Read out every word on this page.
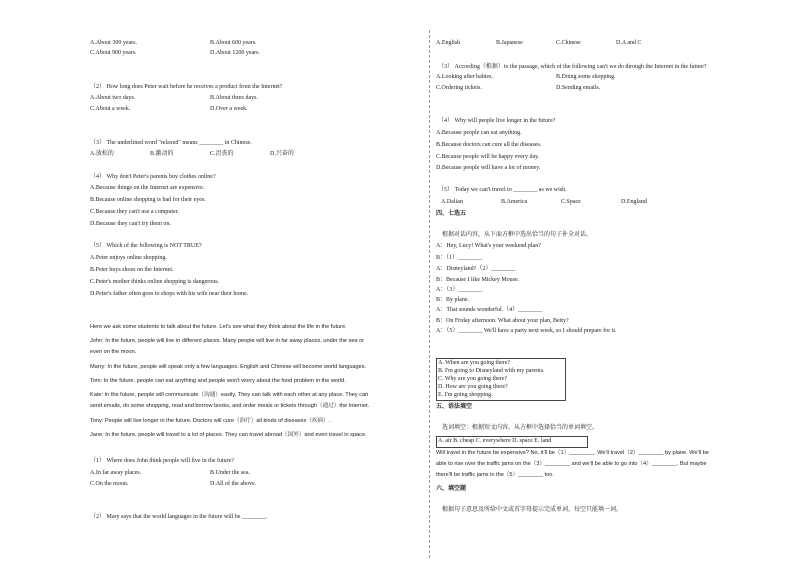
A.About 300 years.	B.About 600 years.
C.About 900 years.	D.About 1200 years.
（2） How long does Peter wait before he receives a product from the Internet?
A.About two days.	B.About three days.
C.About a week.	D.Over a week.
（3） The underlined word "relaxed" means ________ in Chinese.
A.放松的	B.激动的	C.沮丧的	D.兴奋的
（4） Why don't Peter's parents buy clothes online?
A.Because things on the Internet are expensive.
B.Because online shopping is bad for their eyes.
C.Because they can't use a computer.
D.Because they can't try them on.
（5） Which of the following is NOT TRUE?
A.Peter enjoys online shopping.
B.Peter buys shoes on the Internet.
C.Peter's mother thinks online shopping is dangerous.
D.Peter's father often goes to shops with his wife near their home.
Here we ask some students to talk about the future. Let's see what they think about the life in the future.
John: In the future, people will live in different places. Many people will live in far away places, under the sea or
even on the moon.
Marry: In the future, people will speak only a few languages. English and Chinese will become world languages.
Tom: In the future, people can eat anything and people won't worry about the food problem in the world.
Kate: In the future, people will communicate（沟通）easily. They can talk with each other at any place. They can
send emails, do some shopping, read and borrow books, and order meals or tickets through（通过）the Internet.
Tony: People will live longer in the future. Doctors will cure（治疗）all kinds of diseases（疾病）.
Jane: In the future, people will travel to a lot of places. They can travel abroad（国外）and even travel in space.
（1） Where does John think people will live in the future?
A.In far away places.	B.Under the sea.
C.On the moon.	D.All of the above.
（2） Mary says that the world languages in the future will be ________.
A.English	B.Japanese	C.Chinese	D.A and C
（3） According（根据）to the passage, which of the following can't we do through the Internet in the future?
A.Looking after babies.	B.Doing some shopping.
C.Ordering tickets.	D.Sending emails.
（4） Why will people live longer in the future?
A.Because people can eat anything.
B.Because doctors can cure all the diseases.
C.Because people will be happy every day.
D.Because people will have a lot of money.
（5） Today we can't travel to ________ as we wish.
A.Dalian	B.America	C.Space	D.England
四、七选五
根据对话内容，从下面方框中选出恰当的句子补全对话。
A：Hey, Lucy! What's your weekend plan?
B：（1）________
A：Disneyland?（2）________
B：Because I like Mickey Mouse.
A：（3）________
B：By plane.
A：That sounds wonderful.（4）________
B：On Friday afternoon. What about your plan, Betty?
A：（5）________ We'll have a party next week, so I should prepare for it.
A. When are you going there?
B. I'm going to Disneyland with my parents.
C. Why are you going there?
D. How are you going there?
E. I'm going shopping.
五、语法填空
选词填空：根据短文内容，从方框中选择恰当的单词填空。
A. air B. cheap C. everywhere D. space E. land
Will travel in the future be expensive? No, it'll be（1）________. We'll travel（2）________ by plane. We'll be
able to rise over the traffic jams on the（3）________ and we'll be able to go into（4）________. But maybe
there'll be traffic jams in the（5）________ too.
六、填空题
根据句子意思及所给中文或首字母提示完成单词，每空只能填一词。
